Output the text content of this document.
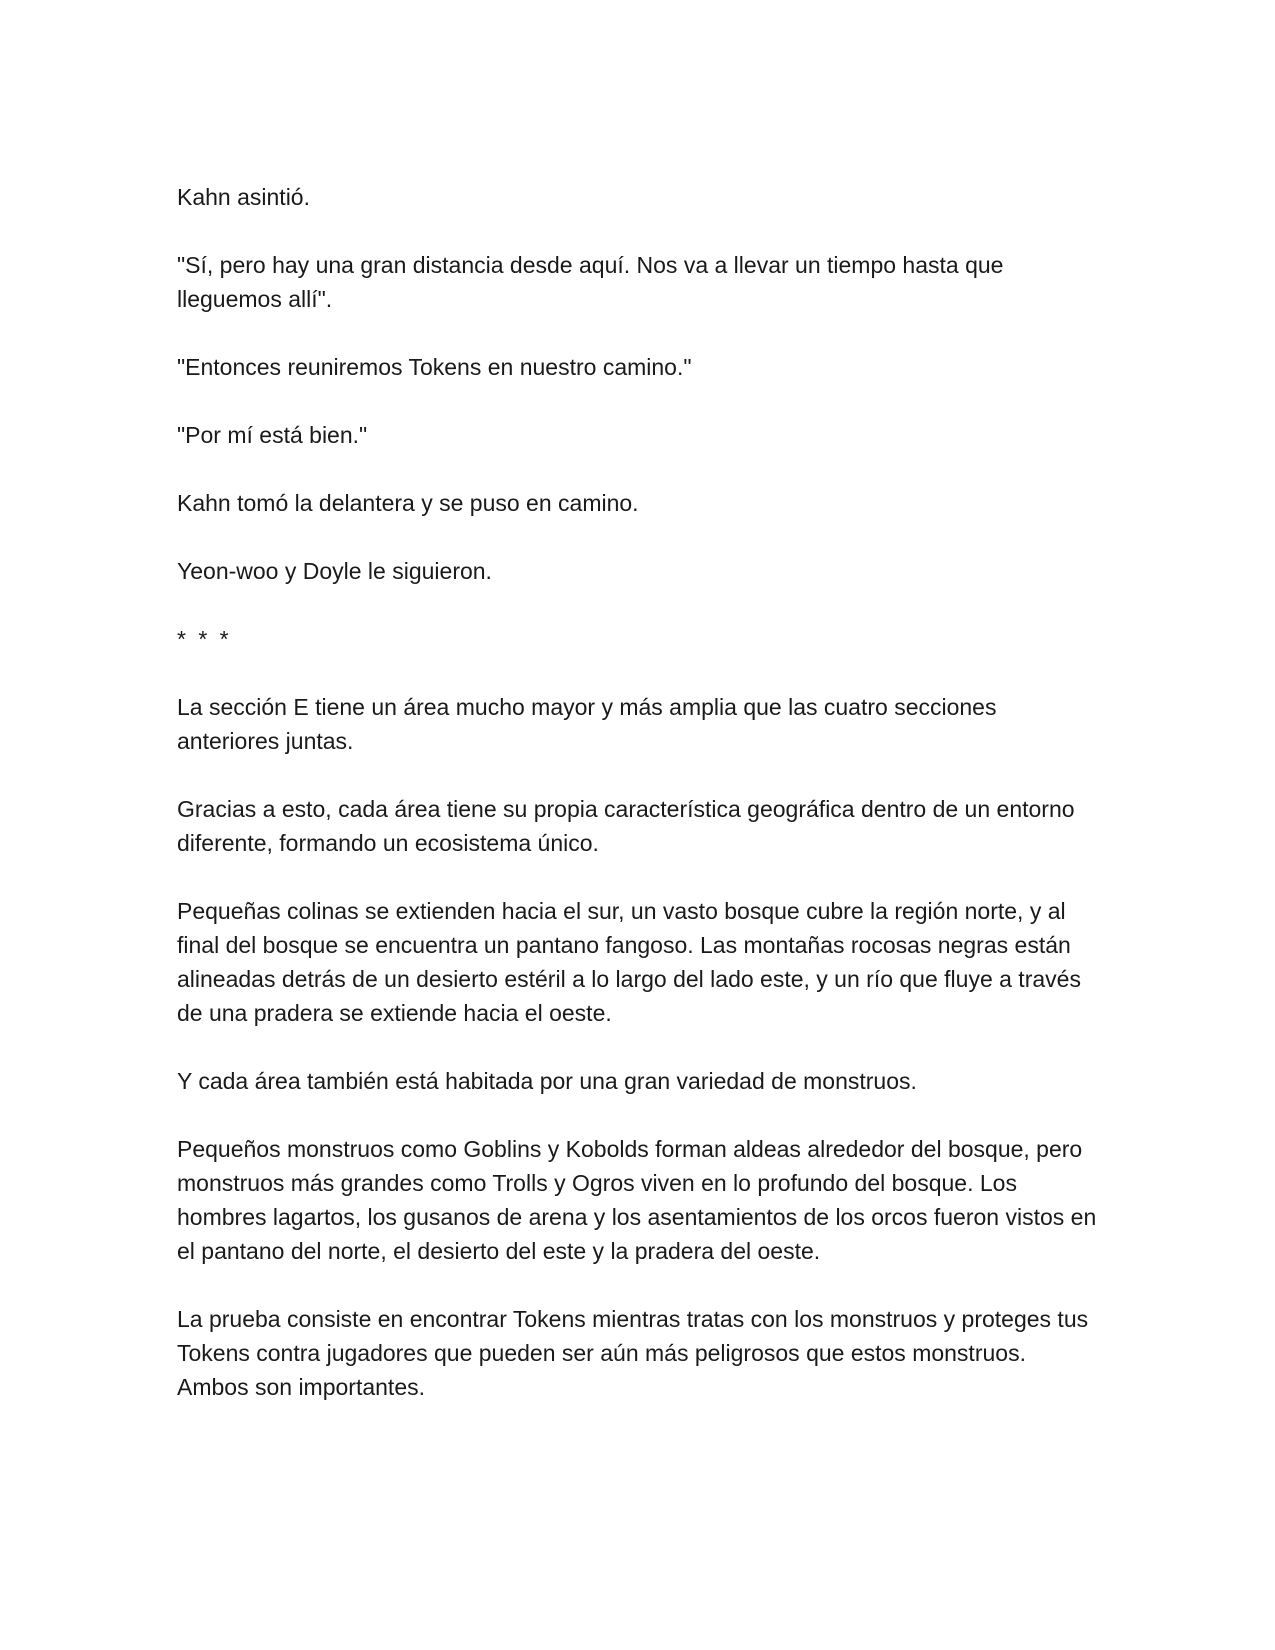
Kahn asintió.

"Sí, pero hay una gran distancia desde aquí. Nos va a llevar un tiempo hasta que lleguemos allí".

"Entonces reuniremos Tokens en nuestro camino."

"Por mí está bien."

Kahn tomó la delantera y se puso en camino.

Yeon-woo y Doyle le siguieron.

* * *

La sección E tiene un área mucho mayor y más amplia que las cuatro secciones anteriores juntas.

Gracias a esto, cada área tiene su propia característica geográfica dentro de un entorno diferente, formando un ecosistema único.

Pequeñas colinas se extienden hacia el sur, un vasto bosque cubre la región norte, y al final del bosque se encuentra un pantano fangoso. Las montañas rocosas negras están alineadas detrás de un desierto estéril a lo largo del lado este, y un río que fluye a través de una pradera se extiende hacia el oeste.

Y cada área también está habitada por una gran variedad de monstruos.

Pequeños monstruos como Goblins y Kobolds forman aldeas alrededor del bosque, pero monstruos más grandes como Trolls y Ogros viven en lo profundo del bosque. Los hombres lagartos, los gusanos de arena y los asentamientos de los orcos fueron vistos en el pantano del norte, el desierto del este y la pradera del oeste.

La prueba consiste en encontrar Tokens mientras tratas con los monstruos y proteges tus Tokens contra jugadores que pueden ser aún más peligrosos que estos monstruos. Ambos son importantes.
